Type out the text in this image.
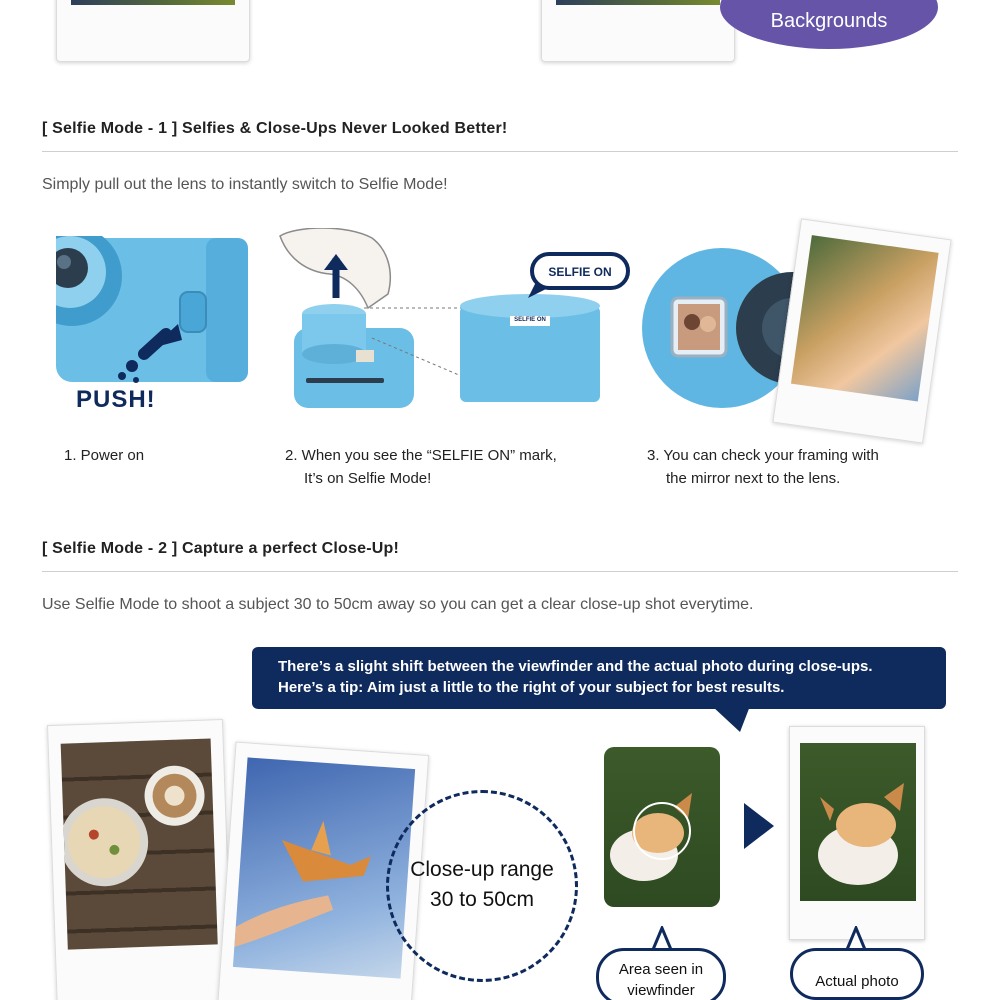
Backgrounds
[ Selfie Mode - 1 ] Selfies & Close-Ups Never Looked Better!
Simply pull out the lens to instantly switch to Selfie Mode!
PUSH!
SELFIE ON
SELFIE ON
1. Power on	2. When you see the “SELFIE ON” mark,
It’s on Selfie Mode!
3. You can check your framing with
the mirror next to the lens.
[ Selfie Mode - 2 ] Capture a perfect Close-Up!
Use Selfie Mode to shoot a subject 30 to 50cm away so you can get a clear close-up shot everytime.
There’s a slight shift between the viewfinder and the actual photo during close-ups.
Here’s a tip: Aim just a little to the right of your subject for best results.
Close-up range
30 to 50cm
Area seen in
viewfinder
Actual photo
